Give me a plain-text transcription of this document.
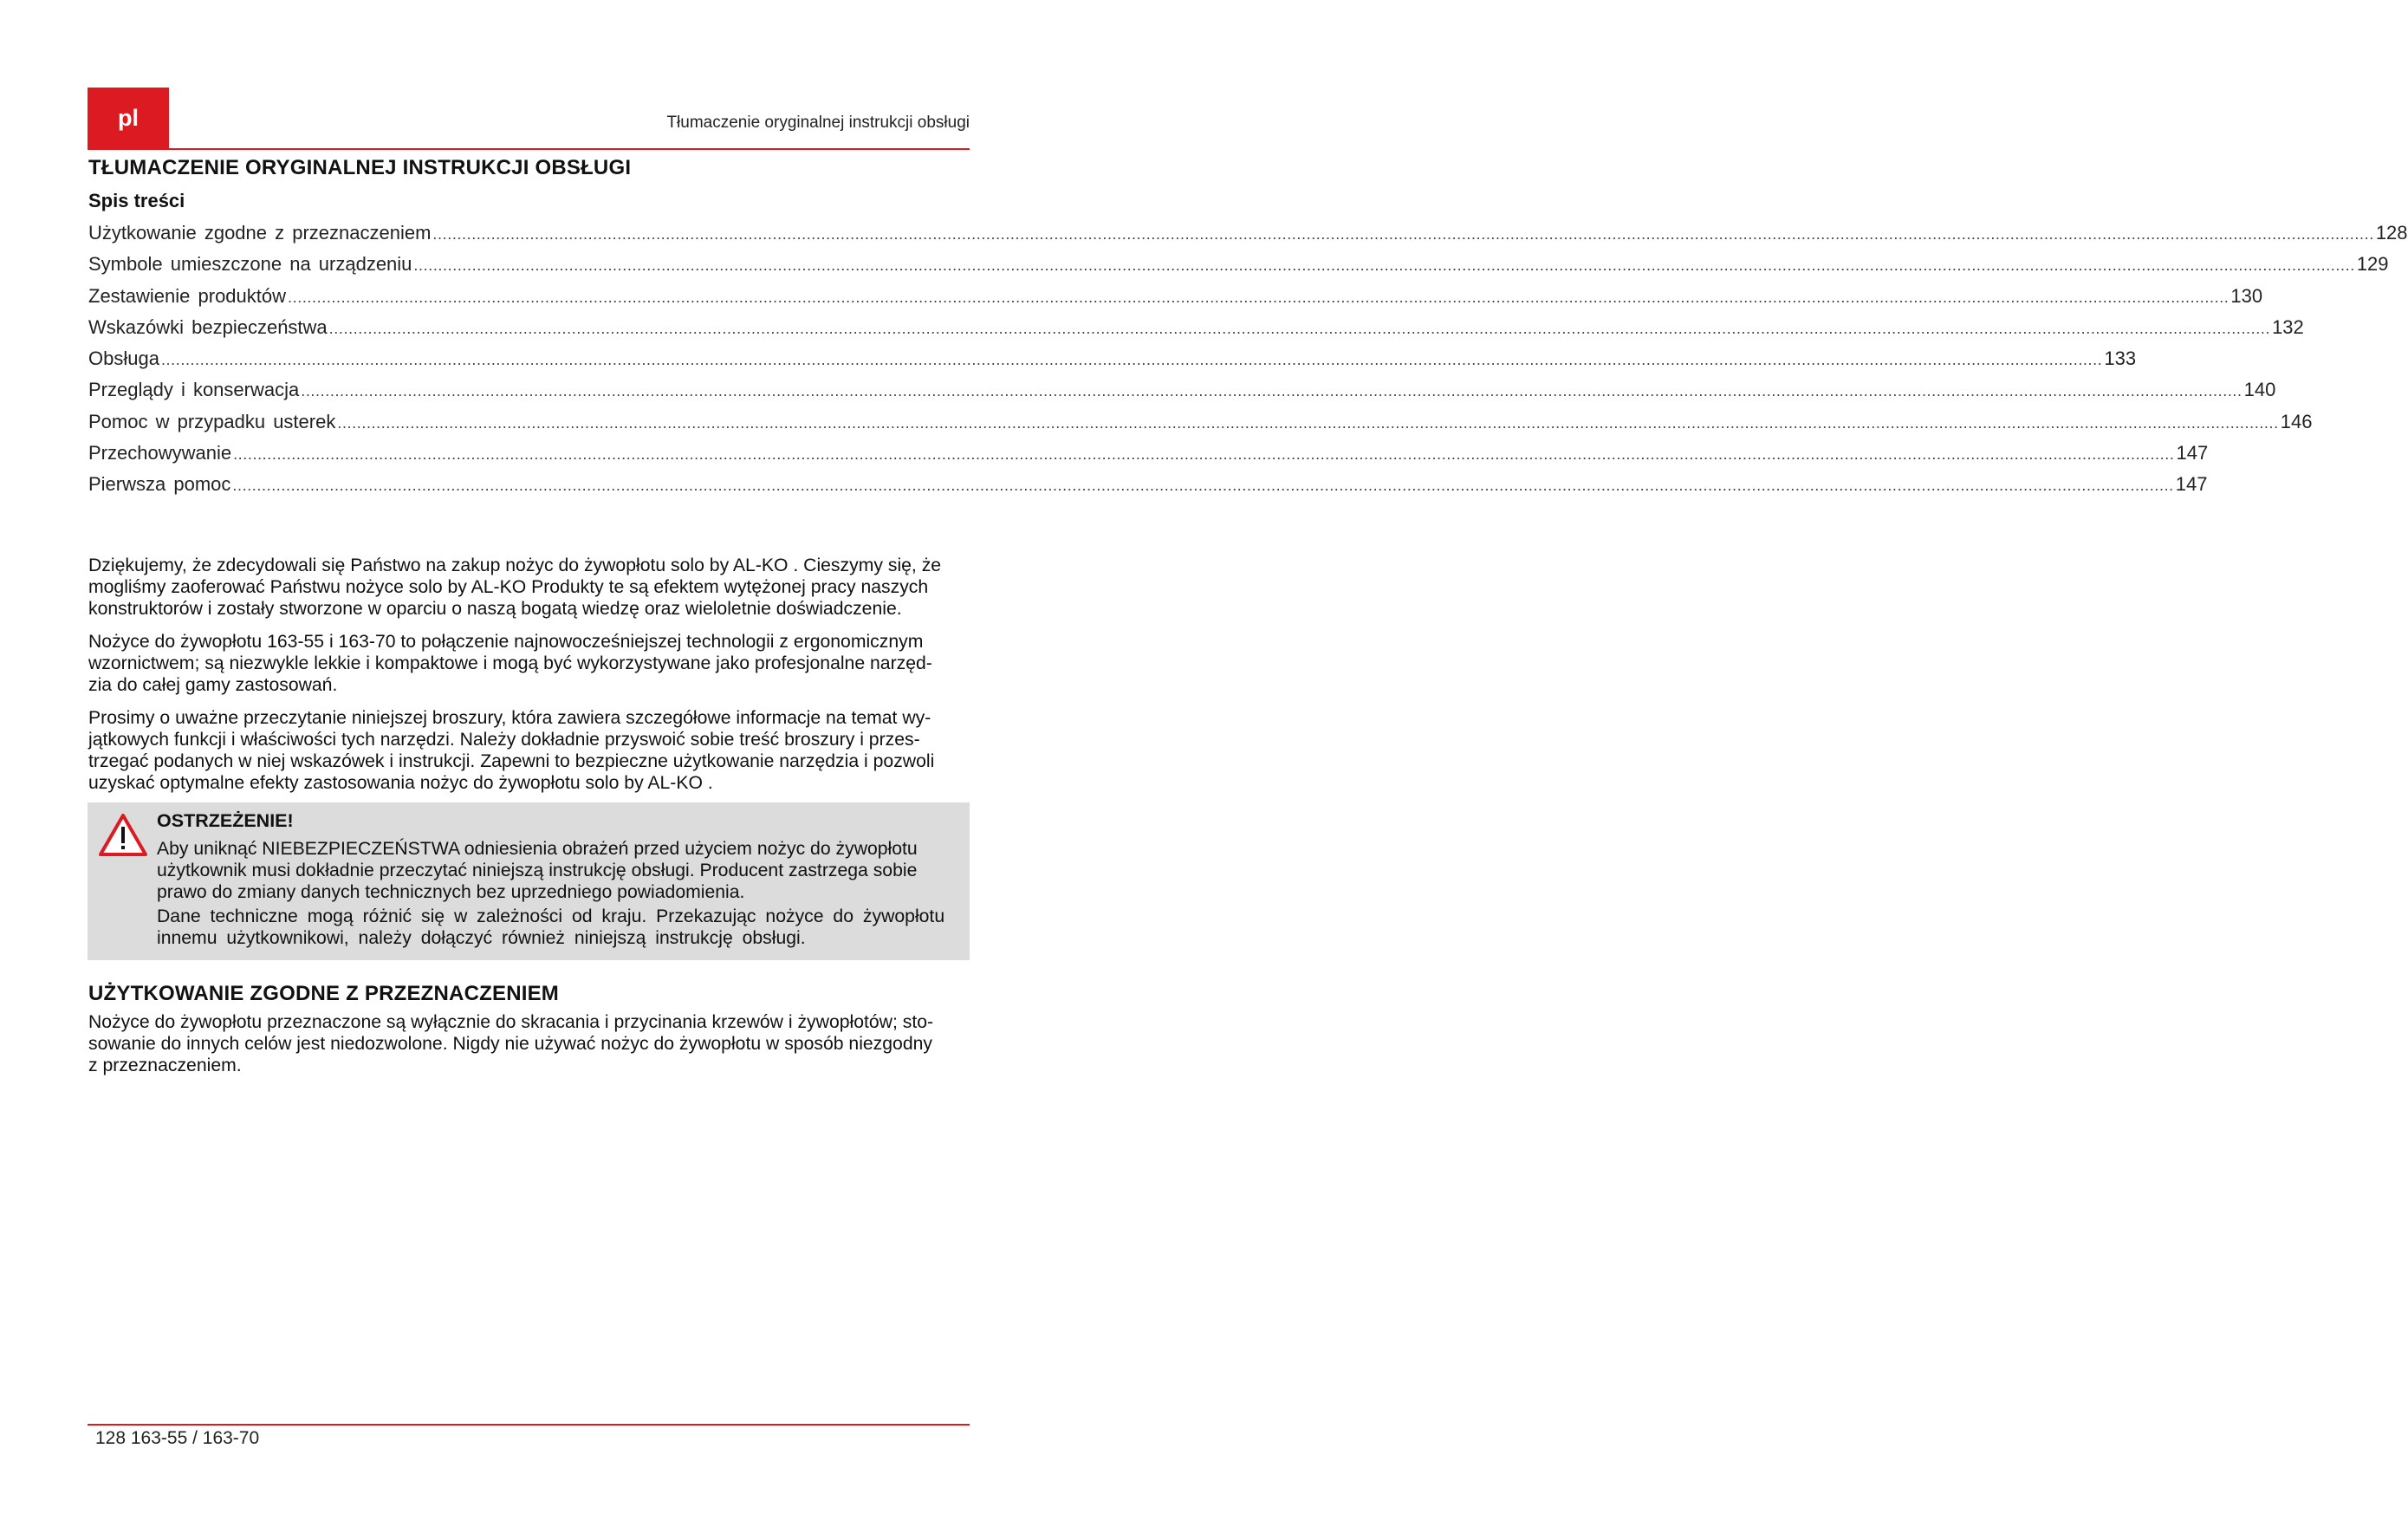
pl	Tłumaczenie oryginalnej instrukcji obsługi
TŁUMACZENIE ORYGINALNEJ INSTRUKCJI OBSŁUGI
Spis treści
Użytkowanie zgodne z przeznaczeniem ................................................................................................................................................................................................................................................................................................................................................................................................................ 128
Symbole umieszczone na urządzeniu ................................................................................................................................................................................................................................................................................................................................................................................................................ 129
Zestawienie produktów ................................................................................................................................................................................................................................................................................................................................................................................................................ 130
Wskazówki bezpieczeństwa ................................................................................................................................................................................................................................................................................................................................................................................................................ 132
Obsługa ................................................................................................................................................................................................................................................................................................................................................................................................................ 133
Przeglądy i konserwacja ................................................................................................................................................................................................................................................................................................................................................................................................................ 140
Pomoc w przypadku usterek ................................................................................................................................................................................................................................................................................................................................................................................................................ 146
Przechowywanie ................................................................................................................................................................................................................................................................................................................................................................................................................ 147
Pierwsza pomoc ................................................................................................................................................................................................................................................................................................................................................................................................................ 147

Dziękujemy, że zdecydowali się Państwo na zakup nożyc do żywopłotu solo by AL-KO . Cieszymy się, że
mogliśmy zaoferować Państwu nożyce solo by AL-KO Produkty te są efektem wytężonej pracy naszych
konstruktorów i zostały stworzone w oparciu o naszą bogatą wiedzę oraz wieloletnie doświadczenie.

Nożyce do żywopłotu 163-55 i 163-70 to połączenie najnowocześniejszej technologii z ergonomicznym
wzornictwem; są niezwykle lekkie i kompaktowe i mogą być wykorzystywane jako profesjonalne narzęd-
zia do całej gamy zastosowań.

Prosimy o uważne przeczytanie niniejszej broszury, która zawiera szczegółowe informacje na temat wy-
jątkowych funkcji i właściwości tych narzędzi. Należy dokładnie przyswoić sobie treść broszury i przes-
trzegać podanych w niej wskazówek i instrukcji. Zapewni to bezpieczne użytkowanie narzędzia i pozwoli
uzyskać optymalne efekty zastosowania nożyc do żywopłotu solo by AL-KO .

OSTRZEŻENIE!

Aby uniknąć NIEBEZPIECZEŃSTWA odniesienia obrażeń przed użyciem nożyc do żywopłotu
użytkownik musi dokładnie przeczytać niniejszą instrukcję obsługi. Producent zastrzega sobie
prawo do zmiany danych technicznych bez uprzedniego powiadomienia.

Dane techniczne mogą różnić się w zależności od kraju. Przekazując nożyce do żywopłotu
innemu użytkownikowi, należy dołączyć również niniejszą instrukcję obsługi.

UŻYTKOWANIE ZGODNE Z PRZEZNACZENIEM

Nożyce do żywopłotu przeznaczone są wyłącznie do skracania i przycinania krzewów i żywopłotów; sto-
sowanie do innych celów jest niedozwolone. Nigdy nie używać nożyc do żywopłotu w sposób niezgodny
z przeznaczeniem.

128 163-55 / 163-70
